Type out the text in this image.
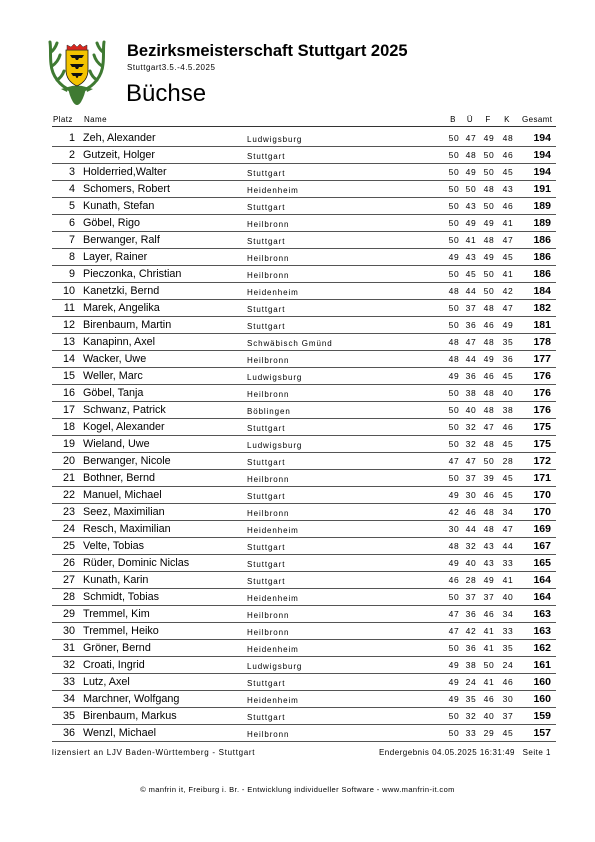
Bezirksmeisterschaft Stuttgart 2025
Stuttgart3.5.-4.5.2025
Büchse
Platz Name	B	Ü	F	K	Gesamt
1 Zeh, Alexander	Ludwigsburg	50 47 49 48	194
2 Gutzeit, Holger	Stuttgart	50 48 50 46	194
3 Holderried,Walter	Stuttgart	50 49 50 45	194
4 Schomers, Robert	Heidenheim	50 50 48 43	191
5 Kunath, Stefan	Stuttgart	50 43 50 46	189
6 Göbel, Rigo	Heilbronn	50 49 49 41	189
7 Berwanger, Ralf	Stuttgart	50 41 48 47	186
8 Layer, Rainer	Heilbronn	49 43 49 45	186
9 Pieczonka, Christian	Heilbronn	50 45 50 41	186
10 Kanetzki, Bernd	Heidenheim	48 44 50 42	184
11 Marek, Angelika	Stuttgart	50 37 48 47	182
12 Birenbaum, Martin	Stuttgart	50 36 46 49	181
13 Kanapinn, Axel	Schwäbisch Gmünd	48 47 48 35	178
14 Wacker, Uwe	Heilbronn	48 44 49 36	177
15 Weller, Marc	Ludwigsburg	49 36 46 45	176
16 Göbel, Tanja	Heilbronn	50 38 48 40	176
17 Schwanz, Patrick	Böblingen	50 40 48 38	176
18 Kogel, Alexander	Stuttgart	50 32 47 46	175
19 Wieland, Uwe	Ludwigsburg	50 32 48 45	175
20 Berwanger, Nicole	Stuttgart	47 47 50 28	172
21 Bothner, Bernd	Heilbronn	50 37 39 45	171
22 Manuel, Michael	Stuttgart	49 30 46 45	170
23 Seez, Maximilian	Heilbronn	42 46 48 34	170
24 Resch, Maximilian	Heidenheim	30 44 48 47	169
25 Velte, Tobias	Stuttgart	48 32 43 44	167
26 Rüder, Dominic Niclas	Stuttgart	49 40 43 33	165
27 Kunath, Karin	Stuttgart	46 28 49 41	164
28 Schmidt, Tobias	Heidenheim	50 37 37 40	164
29 Tremmel, Kim	Heilbronn	47 36 46 34	163
30 Tremmel, Heiko	Heilbronn	47 42 41 33	163
31 Gröner, Bernd	Heidenheim	50 36 41 35	162
32 Croati, Ingrid	Ludwigsburg	49 38 50 24	161
33 Lutz, Axel	Stuttgart	49 24 41 46	160
34 Marchner, Wolfgang	Heidenheim	49 35 46 30	160
35 Birenbaum, Markus	Stuttgart	50 32 40 37	159
36 Wenzl, Michael	Heilbronn	50 33 29 45	157
lizensiert an LJV Baden-Württemberg - Stuttgart	Endergebnis 04.05.2025 16:31:49 Seite 1
© manfrin it, Freiburg i. Br. - Entwicklung individueller Software - www.manfrin-it.com
